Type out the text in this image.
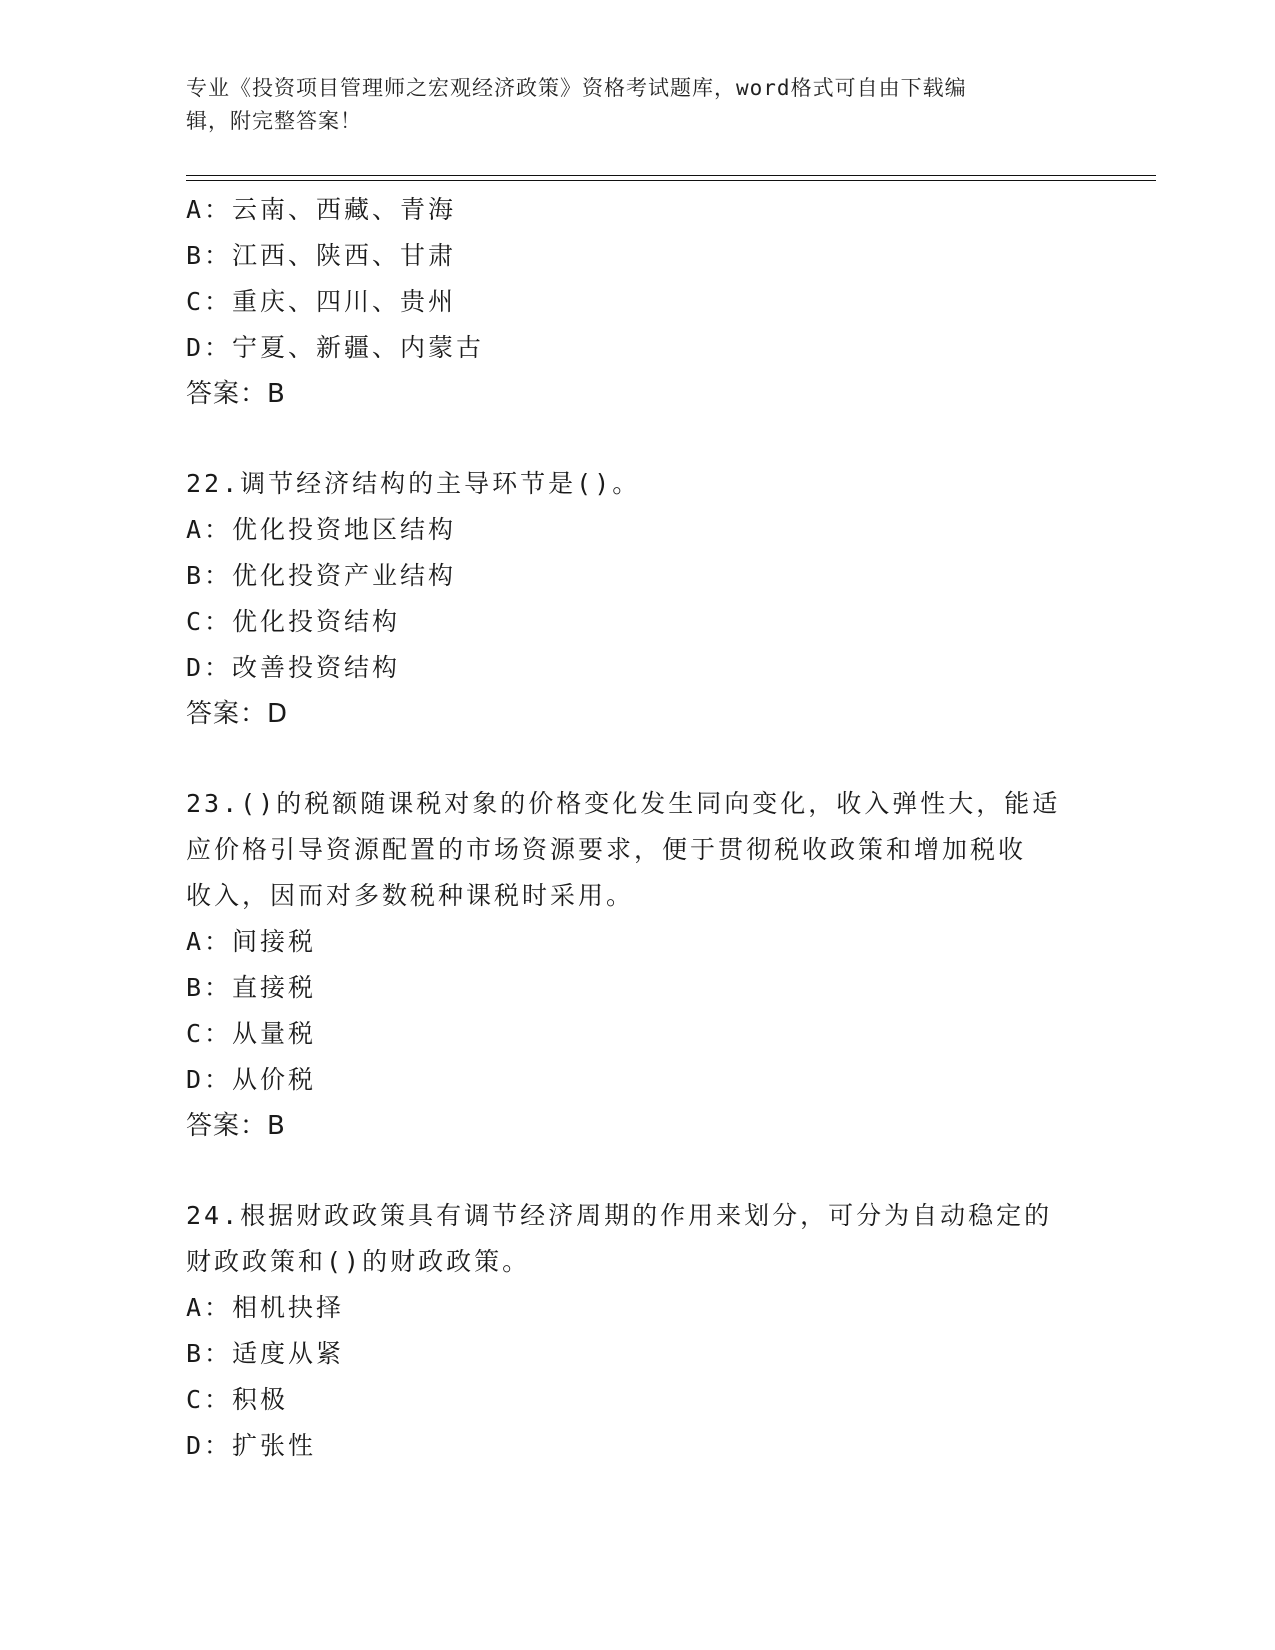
专业《投资项目管理师之宏观经济政策》资格考试题库，word格式可自由下载编
辑，附完整答案！
A：云南、西藏、青海
B：江西、陕西、甘肃
C：重庆、四川、贵州
D：宁夏、新疆、内蒙古
答案：B
22.调节经济结构的主导环节是()。
A：优化投资地区结构
B：优化投资产业结构
C：优化投资结构
D：改善投资结构
答案：D
23.()的税额随课税对象的价格变化发生同向变化，收入弹性大，能适
应价格引导资源配置的市场资源要求，便于贯彻税收政策和增加税收
收入，因而对多数税种课税时采用。
A：间接税
B：直接税
C：从量税
D：从价税
答案：B
24.根据财政政策具有调节经济周期的作用来划分，可分为自动稳定的
财政政策和()的财政政策。
A：相机抉择
B：适度从紧
C：积极
D：扩张性
